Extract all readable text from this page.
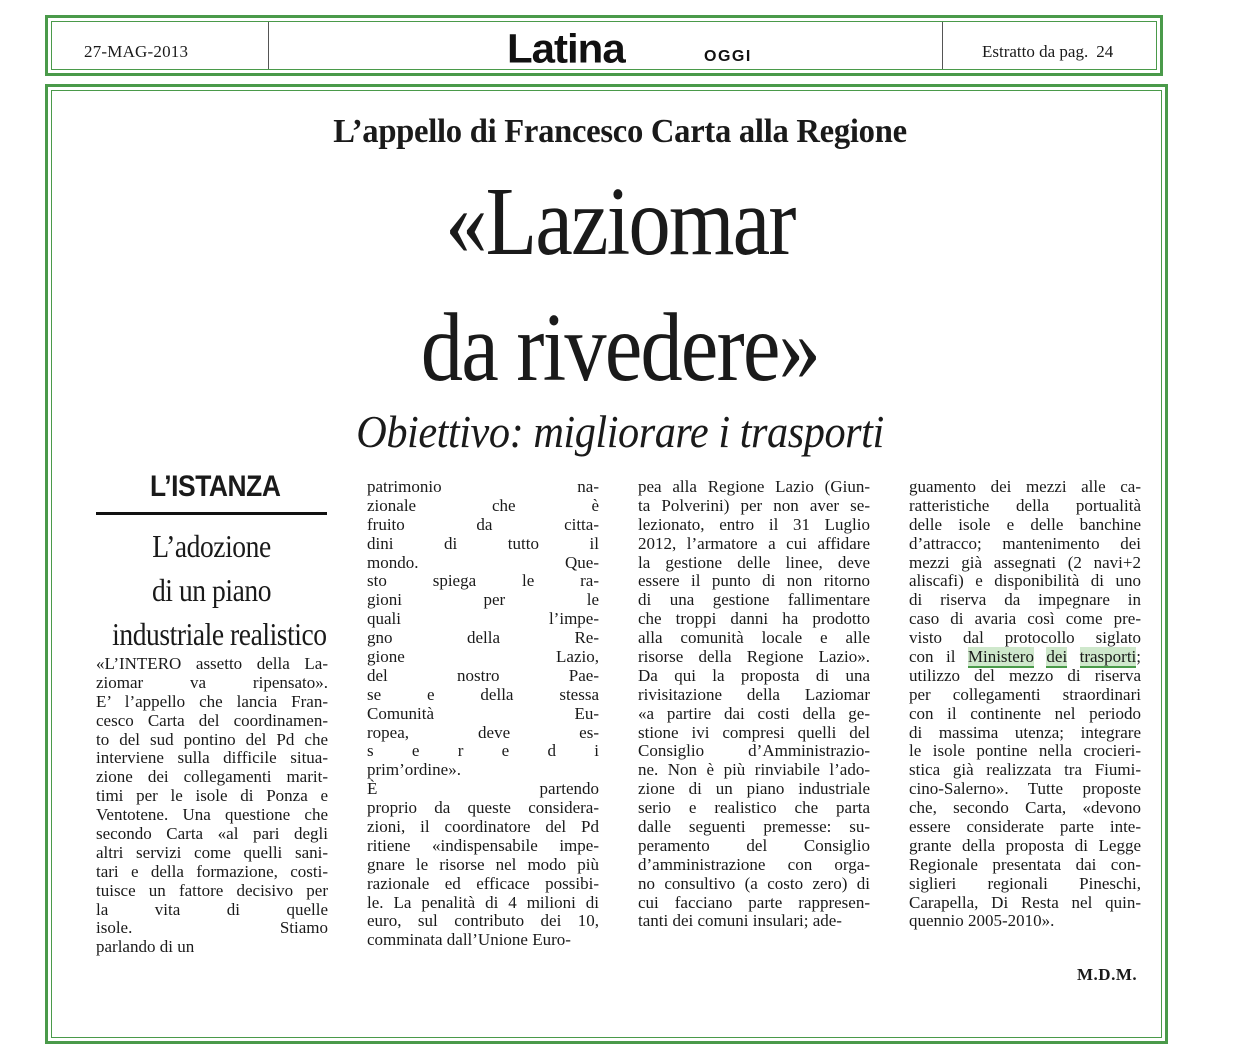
27-MAG-2013	Latina	OGGI	Estratto da pag. 24
L’appello di Francesco Carta alla Regione
«Laziomar
da rivedere»
Obiettivo: migliorare i trasporti
L’ISTANZA
L’adozione
di un piano
industriale realistico
«L’INTERO assetto della La-
ziomar va ripensato».
E’ l’appello che lancia Fran-
cesco Carta del coordinamen-
to del sud pontino del Pd che
interviene sulla difficile situa-
zione dei collegamenti marit-
timi per le isole di Ponza e
Ventotene. Una questione che
secondo Carta «al pari degli
altri servizi come quelli sani-
tari e della formazione, costi-
tuisce un fattore decisivo per
la vita di quelle
isole. Stiamo
parlando di un
patrimonio na-
zionale che è
fruito da citta-
dini di tutto il
mondo. Que-
sto spiega le ra-
gioni per le
quali l’impe-
gno della Re-
gione Lazio,
del nostro Pae-
se e della stessa
Comunità Eu-
ropea, deve es-
s e r e d i
prim’ordine».
È partendo
proprio da queste considera-
zioni, il coordinatore del Pd
ritiene «indispensabile impe-
gnare le risorse nel modo più
razionale ed efficace possibi-
le. La penalità di 4 milioni di
euro, sul contributo dei 10,
comminata dall’Unione Euro-
pea alla Regione Lazio (Giun-
ta Polverini) per non aver se-
lezionato, entro il 31 Luglio
2012, l’armatore a cui affidare
la gestione delle linee, deve
essere il punto di non ritorno
di una gestione fallimentare
che troppi danni ha prodotto
alla comunità locale e alle
risorse della Regione Lazio».
Da qui la proposta di una
rivisitazione della Laziomar
«a partire dai costi della ge-
stione ivi compresi quelli del
Consiglio d’Amministrazio-
ne. Non è più rinviabile l’ado-
zione di un piano industriale
serio e realistico che parta
dalle seguenti premesse: su-
peramento del Consiglio
d’amministrazione con orga-
no consultivo (a costo zero) di
cui facciano parte rappresen-
tanti dei comuni insulari; ade-
guamento dei mezzi alle ca-
ratteristiche della portualità
delle isole e delle banchine
d’attracco; mantenimento dei
mezzi già assegnati (2 navi+2
aliscafi) e disponibilità di uno
di riserva da impegnare in
caso di avaria così come pre-
visto dal protocollo siglato
con il Ministero dei trasporti;
utilizzo del mezzo di riserva
per collegamenti straordinari
con il continente nel periodo
di massima utenza; integrare
le isole pontine nella crocieri-
stica già realizzata tra Fiumi-
cino-Salerno». Tutte proposte
che, secondo Carta, «devono
essere considerate parte inte-
grante della proposta di Legge
Regionale presentata dai con-
siglieri regionali Pineschi,
Carapella, Di Resta nel quin-
quennio 2005-2010».
M.D.M.
